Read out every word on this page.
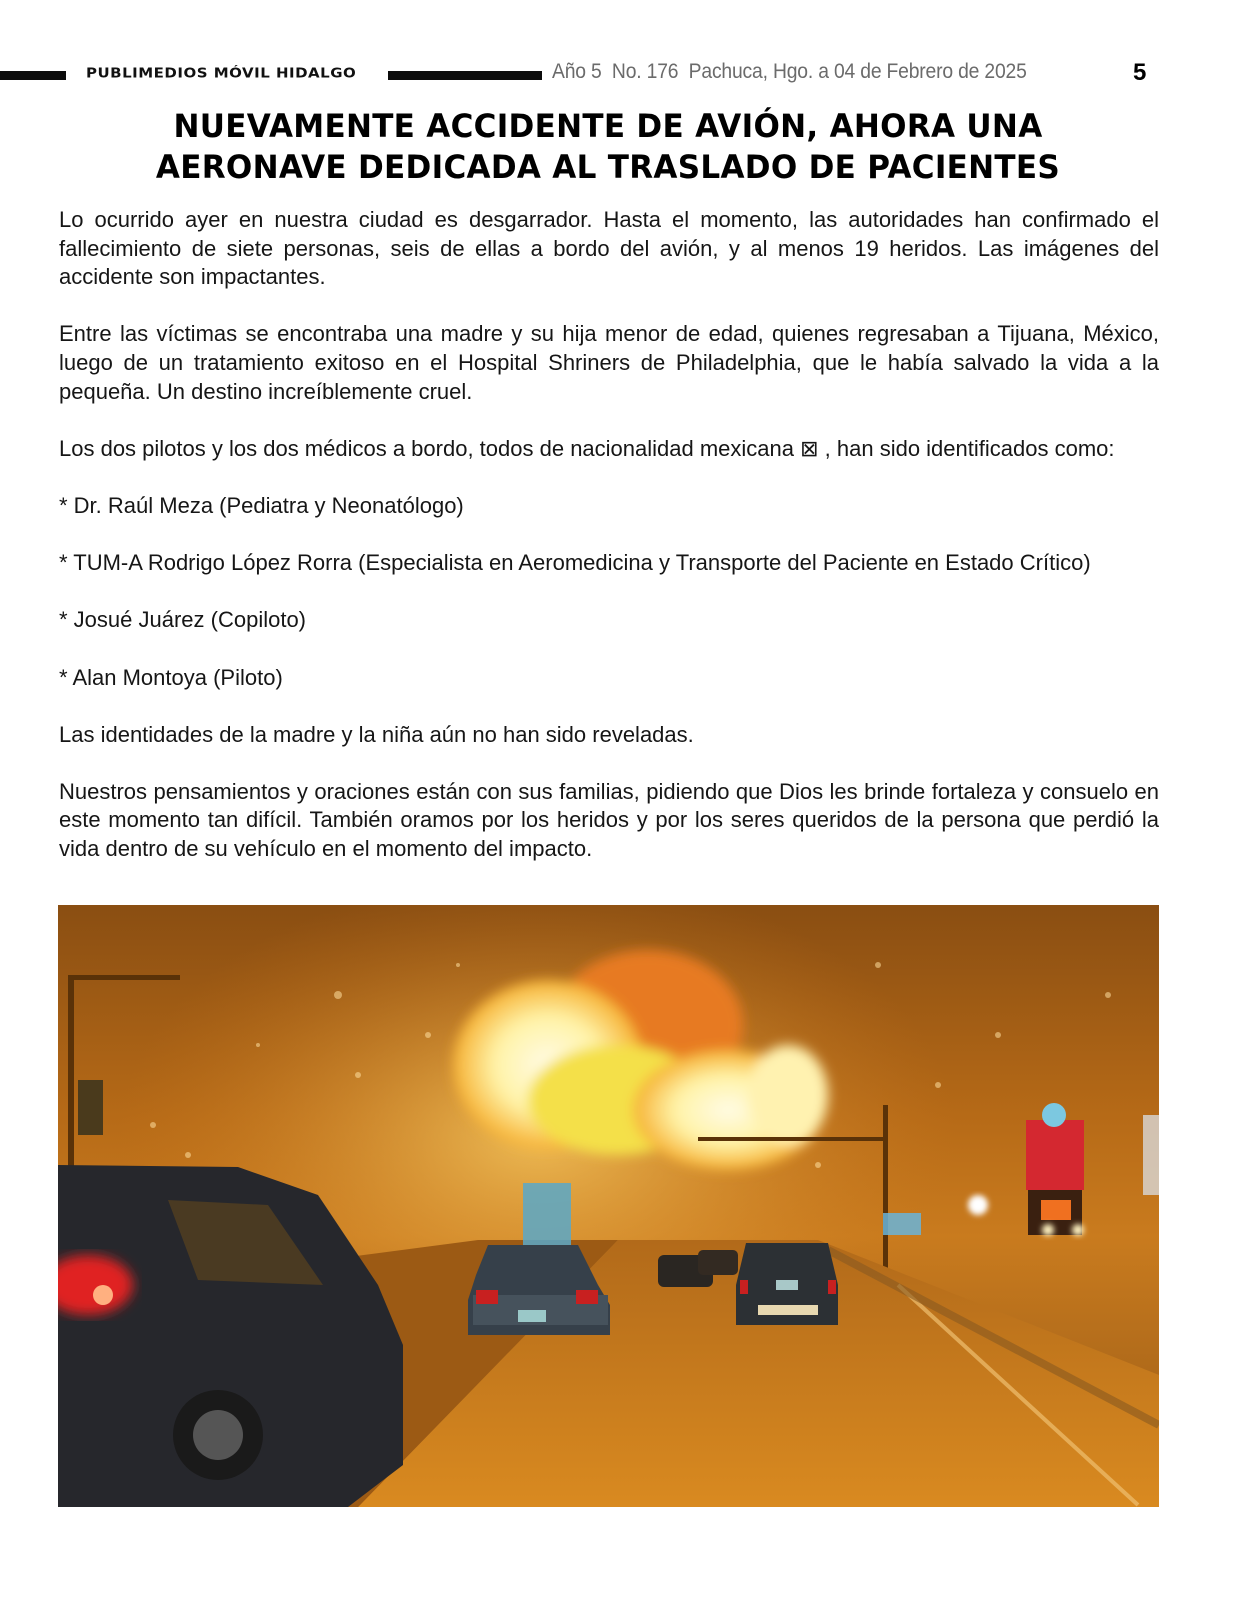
PUBLIMEDIOS MÓVIL HIDALGO	Año 5  No. 176  Pachuca, Hgo. a 04 de Febrero de 2025	5
NUEVAMENTE ACCIDENTE DE AVIÓN, AHORA UNA
AERONAVE DEDICADA AL TRASLADO DE PACIENTES

Lo ocurrido ayer en nuestra ciudad es desgarrador. Hasta el momento, las autoridades han confirmado el fallecimiento de siete personas, seis de ellas a bordo del avión, y al menos 19 heridos. Las imágenes del accidente son impactantes.

Entre las víctimas se encontraba una madre y su hija menor de edad, quienes regresaban a Tijuana, México, luego de un tratamiento exitoso en el Hospital Shriners de Philadelphia, que le había salvado la vida a la pequeña. Un destino increíblemente cruel.

Los dos pilotos y los dos médicos a bordo, todos de nacionalidad mexicana ⊠ , han sido identificados como:

* Dr. Raúl Meza (Pediatra y Neonatólogo)

* TUM-A Rodrigo López Rorra (Especialista en Aeromedicina y Transporte del Paciente en Estado Crítico)

* Josué Juárez (Copiloto)

* Alan Montoya (Piloto)

Las identidades de la madre y la niña aún no han sido reveladas.

Nuestros pensamientos y oraciones están con sus familias, pidiendo que Dios les brinde fortaleza y consuelo en este momento tan difícil. También oramos por los heridos y por los seres queridos de la persona que perdió la vida dentro de su vehículo en el momento del impacto.
